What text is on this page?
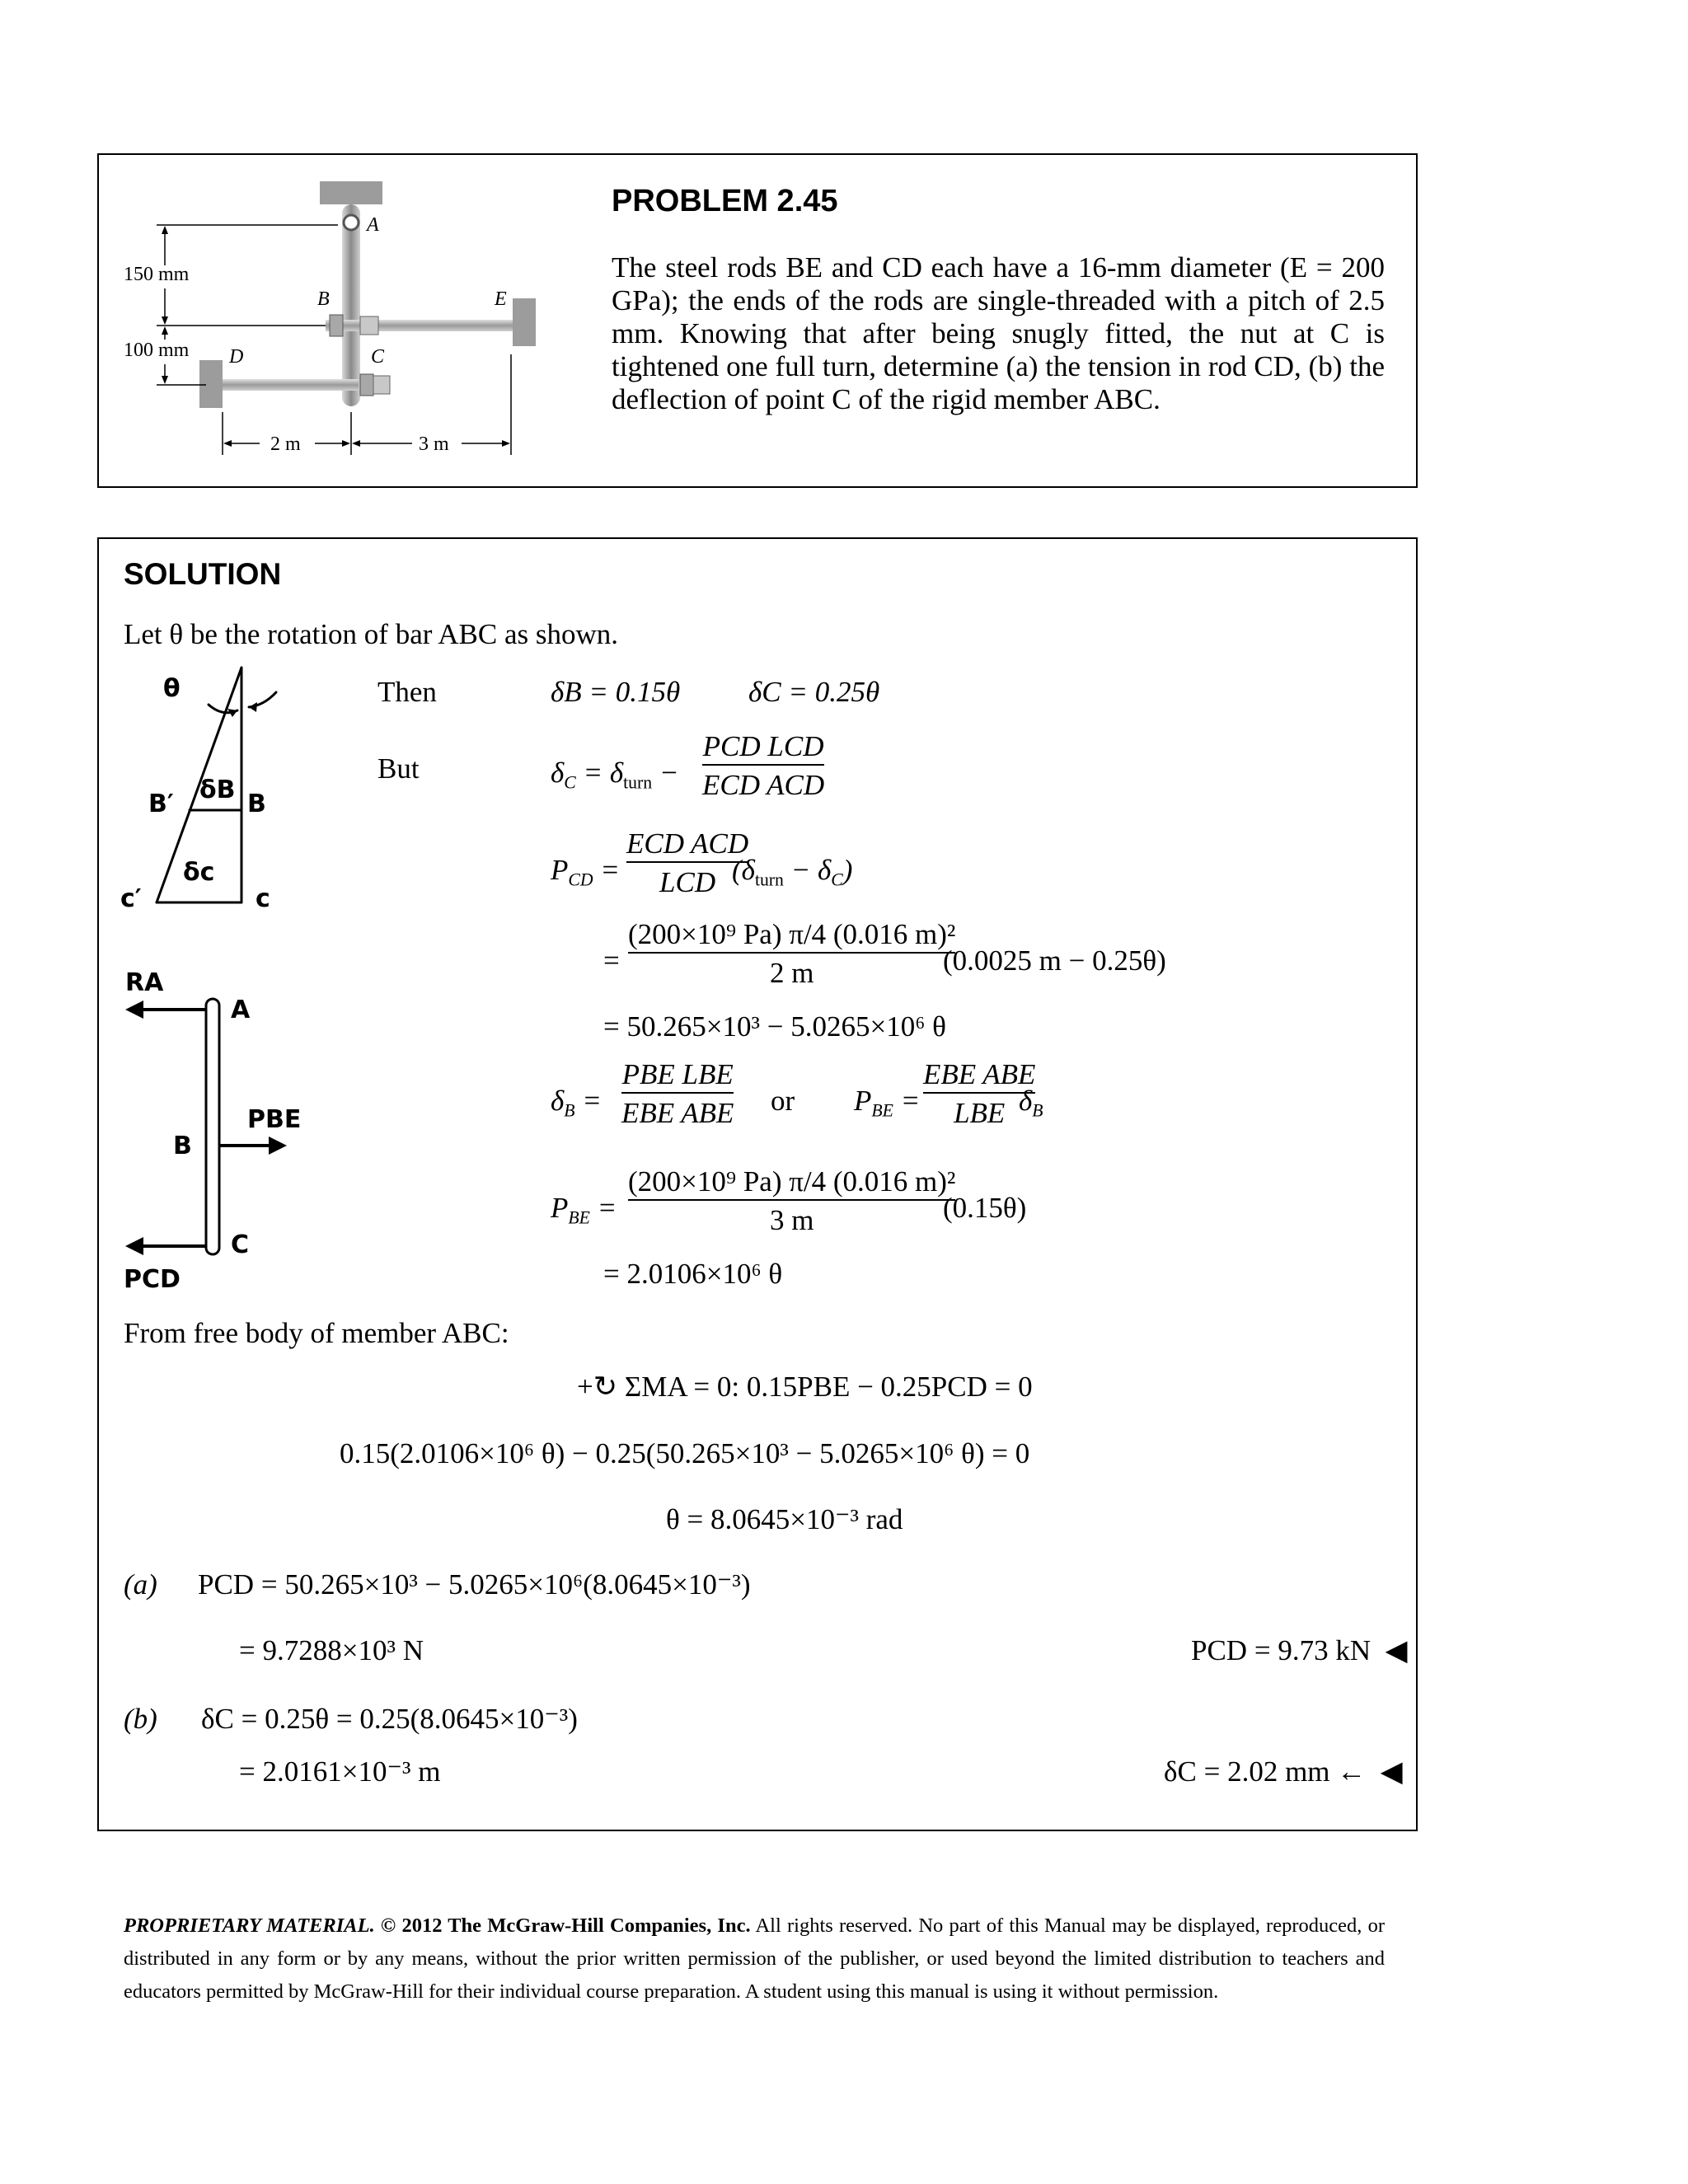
A
B	E
D	C
150 mm
100 mm
2 m	3 m
PROBLEM 2.45
The steel rods BE and CD each have a 16-mm diameter (E = 200 GPa); the ends of the rods are single-threaded with a pitch of 2.5 mm. Knowing that after being snugly fitted, the nut at C is tightened one full turn, determine (a) the tension in rod CD, (b) the deflection of point C of the rigid member ABC.
SOLUTION
Let θ be the rotation of bar ABC as shown.
θ
B′ δB B
c′
δc
c
RA
A
PBE
B
C
PCD
Then
But
δB = 0.15θ δC = 0.25θ
$\delta_C = \delta_{turn}$ −
PCD LCD
ECD ACD
$P_{CD}$ =
ECD ACD
LCD $(\delta_{turn} - \delta_C)$
=
(200×10⁹ Pa) π/4 (0.016 m)²
2 m	(0.0025 m − 0.25θ)
= 50.265×10³ − 5.0265×10⁶ θ
$\delta_B$ =
PBE LBE
EBE ABE or $P_{BE}$ =
EBE ABE
LBE $\delta_B$
$P_{BE}$ =
(200×10⁹ Pa) π/4 (0.016 m)²
3 m	(0.15θ)
= 2.0106×10⁶ θ
From free body of member ABC:
+↻ ΣMA = 0: 0.15PBE − 0.25PCD = 0
0.15(2.0106×10⁶ θ) − 0.25(50.265×10³ − 5.0265×10⁶ θ) = 0
θ = 8.0645×10⁻³ rad
(a) PCD = 50.265×10³ − 5.0265×10⁶(8.0645×10⁻³)
= 9.7288×10³ N	PCD = 9.73 kN  ◀
(b) δC = 0.25θ = 0.25(8.0645×10⁻³)
= 2.0161×10⁻³ m	δC = 2.02 mm ←  ◀
PROPRIETARY MATERIAL. © 2012 The McGraw-Hill Companies, Inc. All rights reserved. No part of this Manual may be displayed, reproduced, or distributed in any form or by any means, without the prior written permission of the publisher, or used beyond the limited distribution to teachers and educators permitted by McGraw-Hill for their individual course preparation. A student using this manual is using it without permission.
